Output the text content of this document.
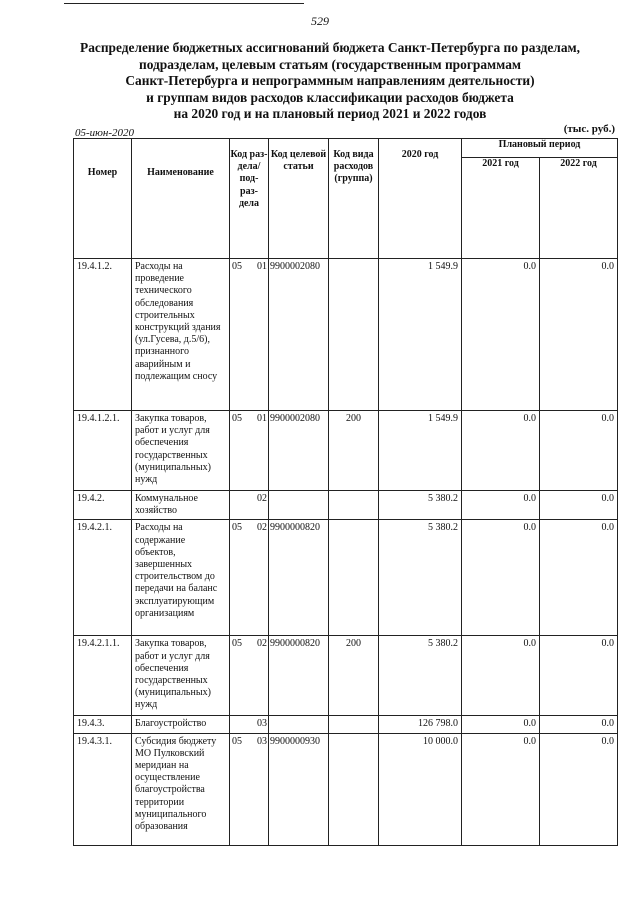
529
Распределение бюджетных ассигнований бюджета Санкт-Петербурга по разделам,
подразделам, целевым статьям (государственным программам
Санкт-Петербурга и непрограммным направлениям деятельности)
и группам видов расходов классификации расходов бюджета
на 2020 год и на плановый период 2021 и 2022 годов
05-июн-2020	(тыс. руб.)
Номер	Наименование	Код раз- дела/ под- раз- дела	Код целевой статьи	Код вида расходов (группа)	2020 год	Плановый период	
						2021 год	2022 год
19.4.1.2.	Расходы на проведение технического обследования строительных конструкций здания (ул.Гусева, д.5/6), признанного аварийным и подлежащим сносу	05 01	9900002080		1 549.9	0.0	0.0
19.4.1.2.1.	Закупка товаров, работ и услуг для обеспечения государственных (муниципальных) нужд	05 01	9900002080	200	1 549.9	0.0	0.0
19.4.2.	Коммунальное хозяйство	02			5 380.2	0.0	0.0
19.4.2.1.	Расходы на содержание объектов, завершенных строительством до передачи на баланс эксплуатирующим организациям	05 02	9900000820		5 380.2	0.0	0.0
19.4.2.1.1.	Закупка товаров, работ и услуг для обеспечения государственных (муниципальных) нужд	05 02	9900000820	200	5 380.2	0.0	0.0
19.4.3.	Благоустройство	03			126 798.0	0.0	0.0
19.4.3.1.	Субсидия бюджету МО Пулковский меридиан на осуществление благоустройства территории муниципального образования	05 03	9900000930		10 000.0	0.0	0.0
